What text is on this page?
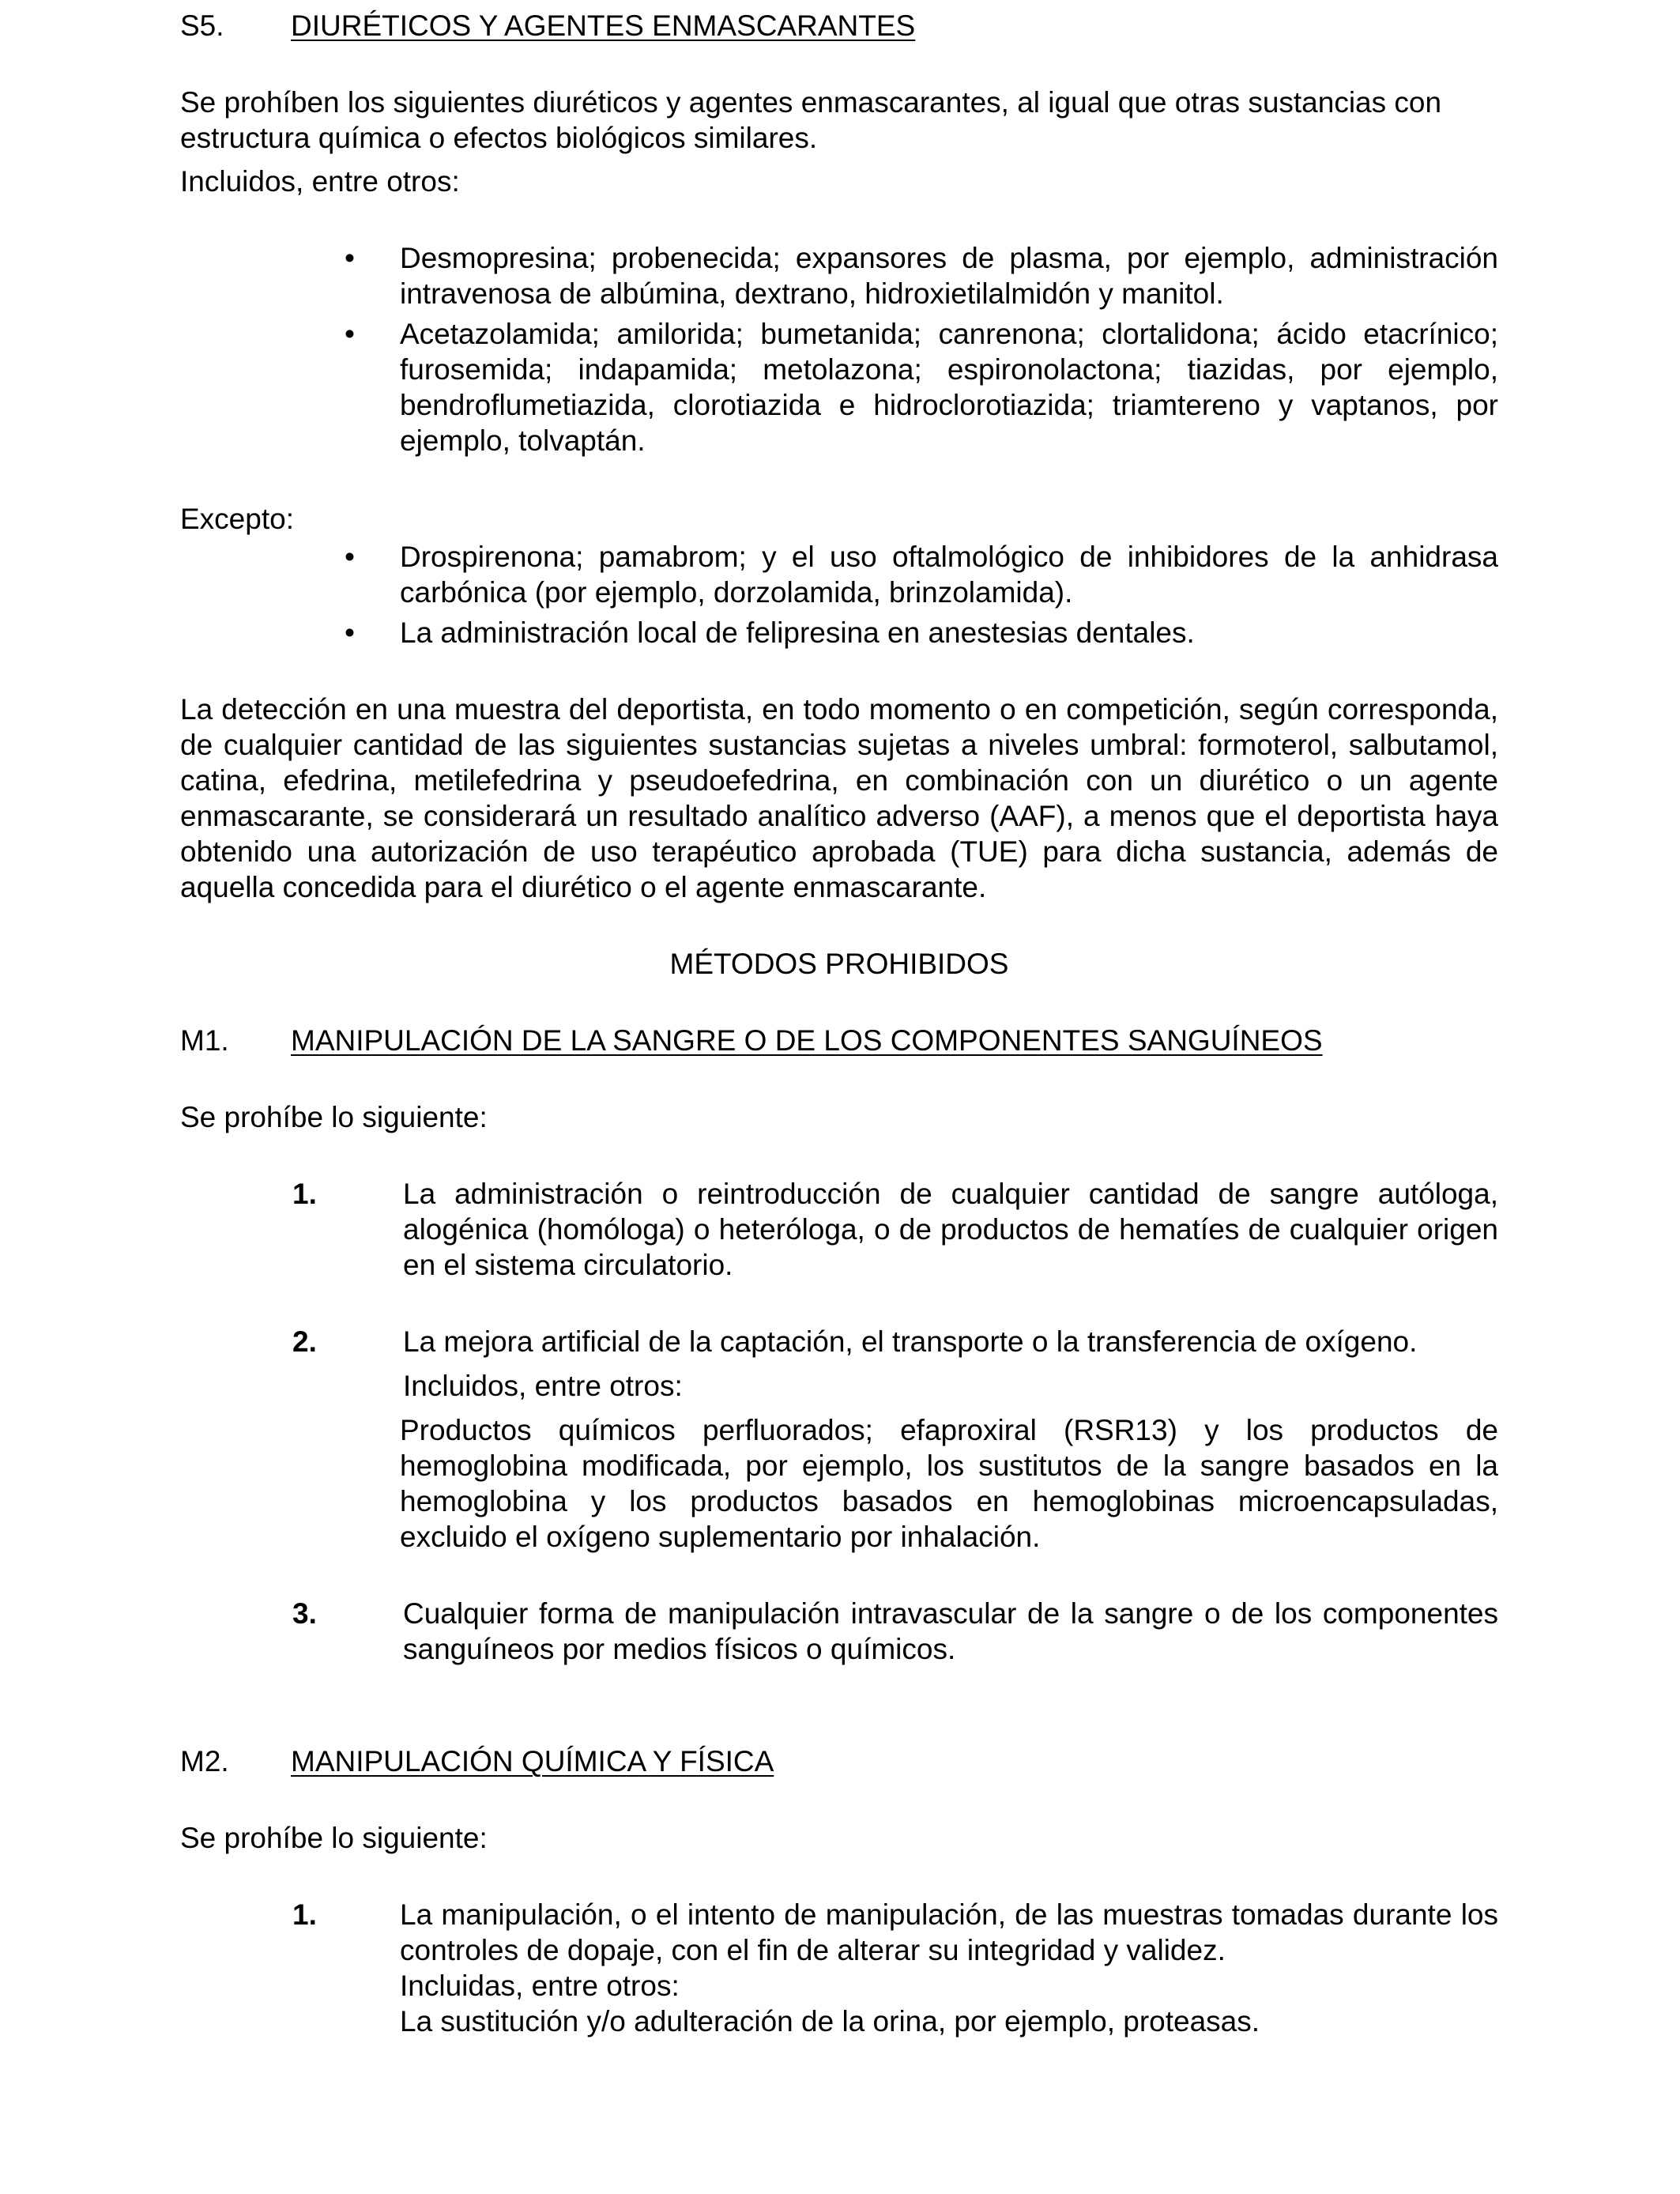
S5.	DIURÉTICOS Y AGENTES ENMASCARANTES

Se prohíben los siguientes diuréticos y agentes enmascarantes, al igual que otras sustancias con estructura química o efectos biológicos similares.

Incluidos, entre otros:

• Desmopresina; probenecida; expansores de plasma, por ejemplo, administración intravenosa de albúmina, dextrano, hidroxietilalmidón y manitol.
• Acetazolamida; amilorida; bumetanida; canrenona; clortalidona; ácido etacrínico; furosemida; indapamida; metolazona; espironolactona; tiazidas, por ejemplo, bendroflumetiazida, clorotiazida e hidroclorotiazida; triamtereno y vaptanos, por ejemplo, tolvaptán.

Excepto:

• Drospirenona; pamabrom; y el uso oftalmológico de inhibidores de la anhidrasa carbónica (por ejemplo, dorzolamida, brinzolamida).
• La administración local de felipresina en anestesias dentales.

La detección en una muestra del deportista, en todo momento o en competición, según corresponda, de cualquier cantidad de las siguientes sustancias sujetas a niveles umbral: formoterol, salbutamol, catina, efedrina, metilefedrina y pseudoefedrina, en combinación con un diurético o un agente enmascarante, se considerará un resultado analítico adverso (AAF), a menos que el deportista haya obtenido una autorización de uso terapéutico aprobada (TUE) para dicha sustancia, además de aquella concedida para el diurético o el agente enmascarante.

MÉTODOS PROHIBIDOS

M1.	MANIPULACIÓN DE LA SANGRE O DE LOS COMPONENTES SANGUÍNEOS

Se prohíbe lo siguiente:

1.	La administración o reintroducción de cualquier cantidad de sangre autóloga, alogénica (homóloga) o heteróloga, o de productos de hematíes de cualquier origen en el sistema circulatorio.
2.	La mejora artificial de la captación, el transporte o la transferencia de oxígeno.

Incluidos, entre otros:

Productos químicos perfluorados; efaproxiral (RSR13) y los productos de hemoglobina modificada, por ejemplo, los sustitutos de la sangre basados en la hemoglobina y los productos basados en hemoglobinas microencapsuladas, excluido el oxígeno suplementario por inhalación.

3.	Cualquier forma de manipulación intravascular de la sangre o de los componentes sanguíneos por medios físicos o químicos.
M2.	MANIPULACIÓN QUÍMICA Y FÍSICA

Se prohíbe lo siguiente:

1.	La manipulación, o el intento de manipulación, de las muestras tomadas durante los controles de dopaje, con el fin de alterar su integridad y validez.

Incluidas, entre otros:

La sustitución y/o adulteración de la orina, por ejemplo, proteasas.
